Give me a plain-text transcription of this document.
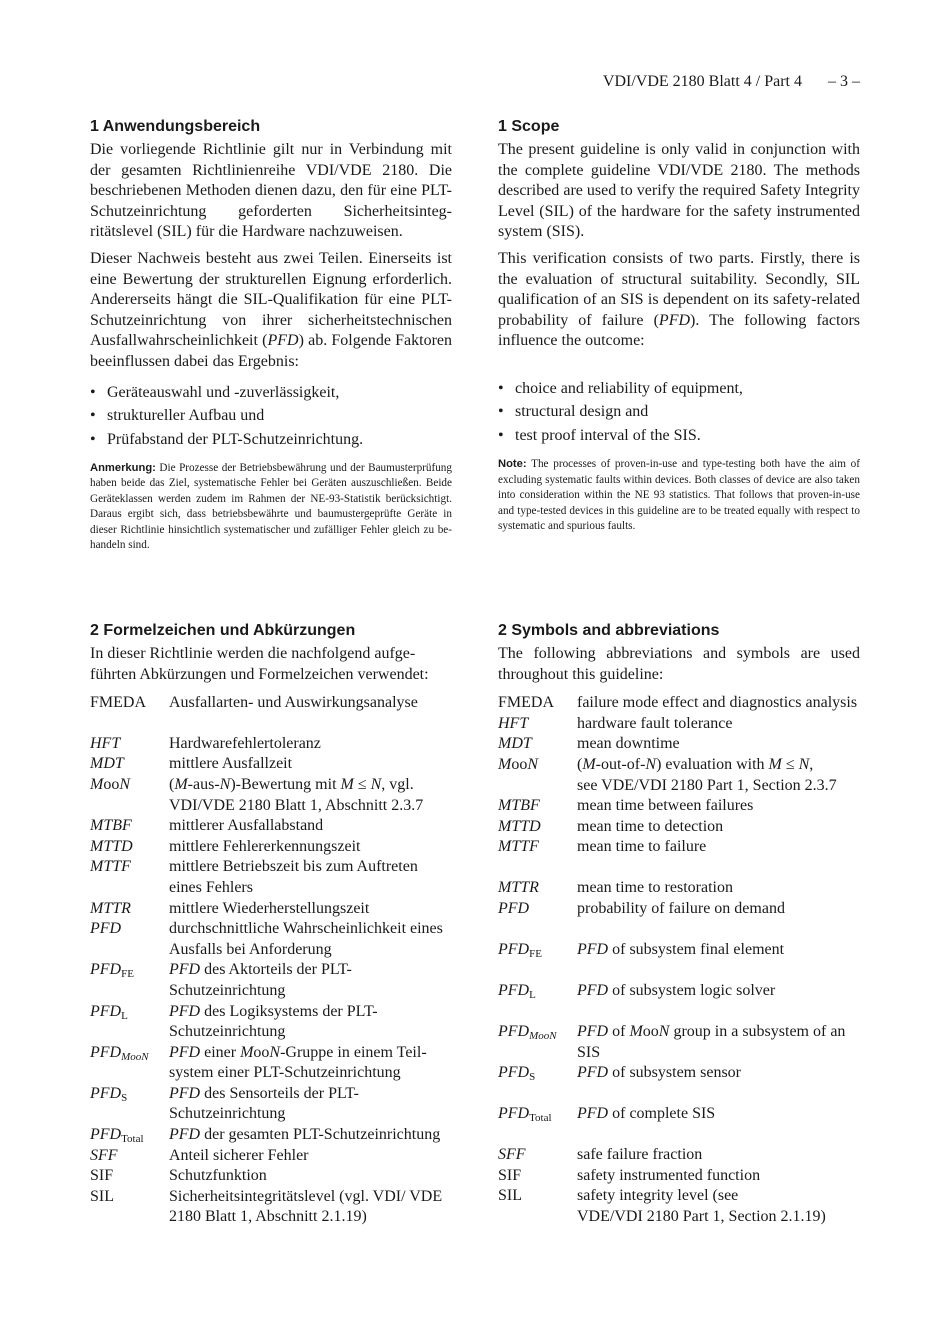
VDI/VDE 2180 Blatt 4 / Part 4 – 3 –
1 Anwendungsbereich

Die vorliegende Richtlinie gilt nur in Verbindung mit der gesamten Richtlinienreihe VDI/VDE 2180. Die beschriebenen Methoden dienen dazu, den für eine PLT-Schutzeinrichtung geforderten Sicherheitsintegritätslevel (SIL) für die Hardware nachzuweisen.

Dieser Nachweis besteht aus zwei Teilen. Einerseits ist eine Bewertung der strukturellen Eignung erforderlich. Andererseits hängt die SIL-Qualifikation für eine PLT-Schutzeinrichtung von ihrer sicherheitstechnischen Ausfallwahrscheinlichkeit (PFD) ab. Folgende Faktoren beeinflussen dabei das Ergebnis:

• Geräteauswahl und -zuverlässigkeit,
• struktureller Aufbau und
• Prüfabstand der PLT-Schutzeinrichtung.

Anmerkung: Die Prozesse der Betriebsbewährung und der Baumusterprüfung haben beide das Ziel, systematische Fehler bei Geräten auszuschließen. Beide Geräteklassen werden zudem im Rahmen der NE-93-Statistik berücksichtigt. Daraus ergibt sich, dass betriebsbewährte und baumustergeprüfte Geräte in dieser Richtlinie hinsichtlich systematischer und zufälliger Fehler gleich zu behandeln sind.

1 Scope

The present guideline is only valid in conjunction with the complete guideline VDI/VDE 2180. The methods described are used to verify the required Safety Integrity Level (SIL) of the hardware for the safety instrumented system (SIS).

This verification consists of two parts. Firstly, there is the evaluation of structural suitability. Secondly, SIL qualification of an SIS is dependent on its safety-related probability of failure (PFD). The following factors influence the outcome:

• choice and reliability of equipment,
• structural design and
• test proof interval of the SIS.

Note: The processes of proven-in-use and type-testing both have the aim of excluding systematic faults within devices. Both classes of device are also taken into consideration within the NE 93 statistics. That follows that proven-in-use and type-tested devices in this guideline are to be treated equally with respect to systematic and spurious faults.

2 Formelzeichen und Abkürzungen

In dieser Richtlinie werden die nachfolgend aufgeführten Abkürzungen und Formelzeichen verwendet:

FMEDA	Ausfallarten- und Auswirkungsanalyse

HFT	Hardwarefehlertoleranz
MDT	mittlere Ausfallzeit
MooN	(M-aus-N)-Bewertung mit M ≤ N, vgl. VDI/VDE 2180 Blatt 1, Abschnitt 2.3.7
MTBF	mittlerer Ausfallabstand
MTTD	mittlere Fehlererkennungszeit
MTTF	mittlere Betriebszeit bis zum Auftreten eines Fehlers
MTTR	mittlere Wiederherstellungszeit
PFD	durchschnittliche Wahrscheinlichkeit eines Ausfalls bei Anforderung
$PFD_{FE}$	PFD des Aktorteils der PLT-Schutzeinrichtung
$PFD_L$	PFD des Logiksystems der PLT-Schutzeinrichtung
$PFD_{MooN}$	PFD einer MooN-Gruppe in einem Teilsystem einer PLT-Schutzeinrichtung
$PFD_S$	PFD des Sensorteils der PLT-Schutzeinrichtung
$PFD_{Total}$	PFD der gesamten PLT-Schutzeinrichtung
SFF	Anteil sicherer Fehler
SIF	Schutzfunktion
SIL	Sicherheitsintegritätslevel (vgl. VDI/ VDE 2180 Blatt 1, Abschnitt 2.1.19)
2 Symbols and abbreviations

The following abbreviations and symbols are used throughout this guideline:

FMEDA	failure mode effect and diagnostics analysis
HFT	hardware fault tolerance
MDT	mean downtime
MooN	(M-out-of-N) evaluation with M ≤ N,
see VDE/VDI 2180 Part 1, Section 2.3.7
MTBF	mean time between failures
MTTD	mean time to detection
MTTF	mean time to failure
MTTR	mean time to restoration
PFD	probability of failure on demand
$PFD_{FE}$	PFD of subsystem final element
$PFD_L$	PFD of subsystem logic solver
$PFD_{MooN}$	PFD of MooN group in a subsystem of an SIS
$PFD_S$	PFD of subsystem sensor
$PFD_{Total}$	PFD of complete SIS
SFF	safe failure fraction
SIF	safety instrumented function
SIL	safety integrity level (see
VDE/VDI 2180 Part 1, Section 2.1.19)
